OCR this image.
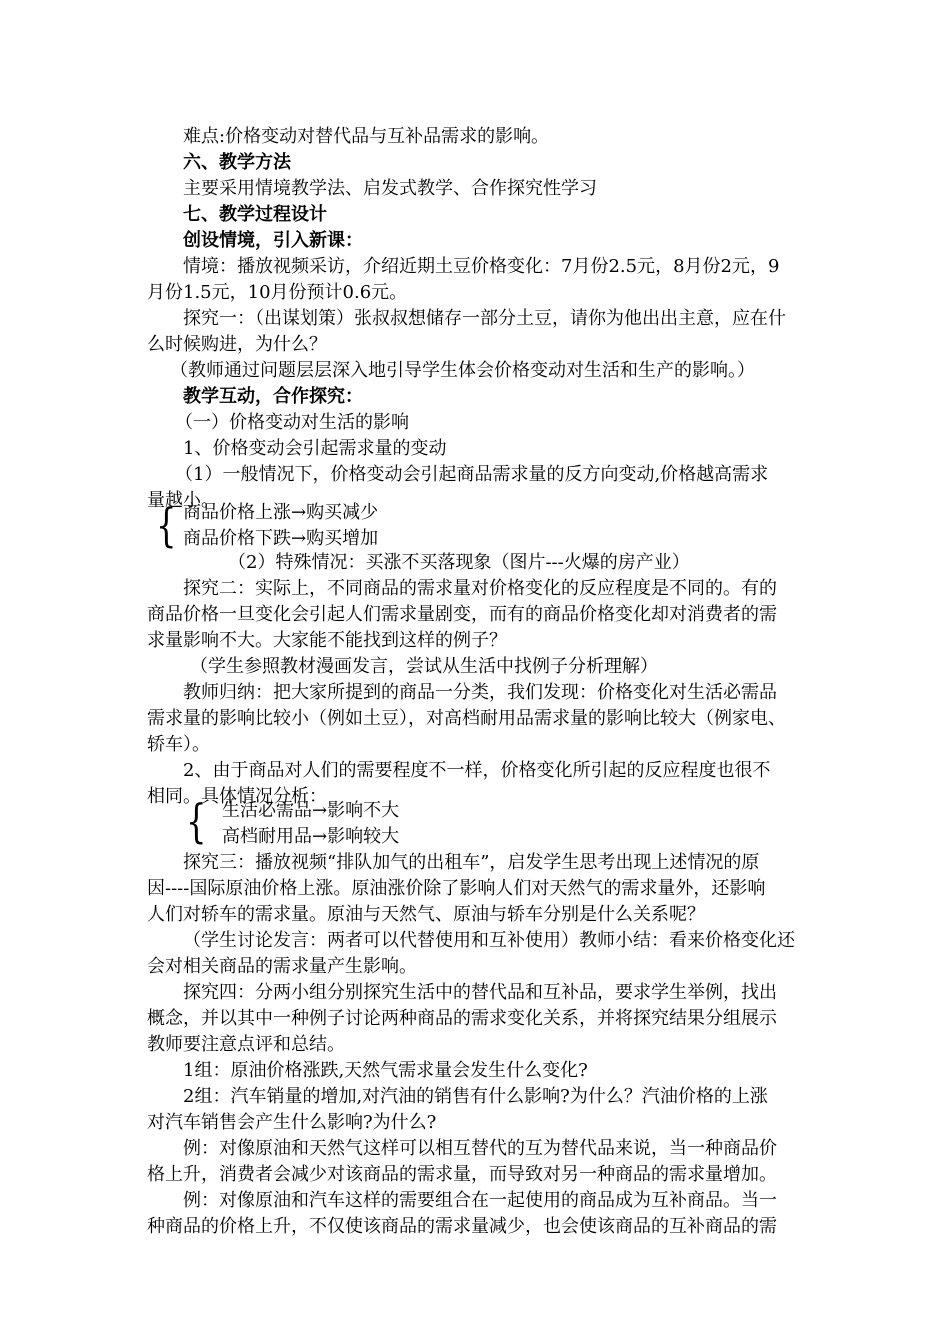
难点:价格变动对替代品与互补品需求的影响。
六、教学方法
主要采用情境教学法、启发式教学、合作探究性学习
七、教学过程设计
创设情境，引入新课：
情境：播放视频采访，介绍近期土豆价格变化：7月份2.5元，8月份2元，9
月份1.5元，10月份预计0.6元。
探究一：（出谋划策）张叔叔想储存一部分土豆，请你为他出出主意，应在什
么时候购进，为什么？
（教师通过问题层层深入地引导学生体会价格变动对生活和生产的影响。）
教学互动，合作探究：
（一）价格变动对生活的影响
1、价格变动会引起需求量的变动
（1）一般情况下，价格变动会引起商品需求量的反方向变动,价格越高需求
量越小。
{ 商品价格上涨→购买减少
商品价格下跌→购买增加
（2）特殊情况：买涨不买落现象（图片---火爆的房产业）
探究二：实际上，不同商品的需求量对价格变化的反应程度是不同的。有的
商品价格一旦变化会引起人们需求量剧变，而有的商品价格变化却对消费者的需
求量影响不大。大家能不能找到这样的例子？
（学生参照教材漫画发言，尝试从生活中找例子分析理解）
教师归纳：把大家所提到的商品一分类，我们发现：价格变化对生活必需品
需求量的影响比较小（例如土豆），对高档耐用品需求量的影响比较大（例家电、
轿车）。
2、由于商品对人们的需要程度不一样，价格变化所引起的反应程度也很不
相同。具体情况分析：
{ 生活必需品→影响不大
高档耐用品→影响较大
探究三：播放视频“排队加气的出租车”，启发学生思考出现上述情况的原
因----国际原油价格上涨。原油涨价除了影响人们对天然气的需求量外，还影响
人们对轿车的需求量。原油与天然气、原油与轿车分别是什么关系呢？
（学生讨论发言：两者可以代替使用和互补使用）教师小结：看来价格变化还
会对相关商品的需求量产生影响。
探究四：分两小组分别探究生活中的替代品和互补品，要求学生举例，找出
概念，并以其中一种例子讨论两种商品的需求变化关系，并将探究结果分组展示
教师要注意点评和总结。
1组：原油价格涨跌,天然气需求量会发生什么变化?
2组：汽车销量的增加,对汽油的销售有什么影响?为什么？汽油价格的上涨
对汽车销售会产生什么影响?为什么?
例：对像原油和天然气这样可以相互替代的互为替代品来说，当一种商品价
格上升，消费者会减少对该商品的需求量，而导致对另一种商品的需求量增加。
例：对像原油和汽车这样的需要组合在一起使用的商品成为互补商品。当一
种商品的价格上升，不仅使该商品的需求量减少，也会使该商品的互补商品的需
